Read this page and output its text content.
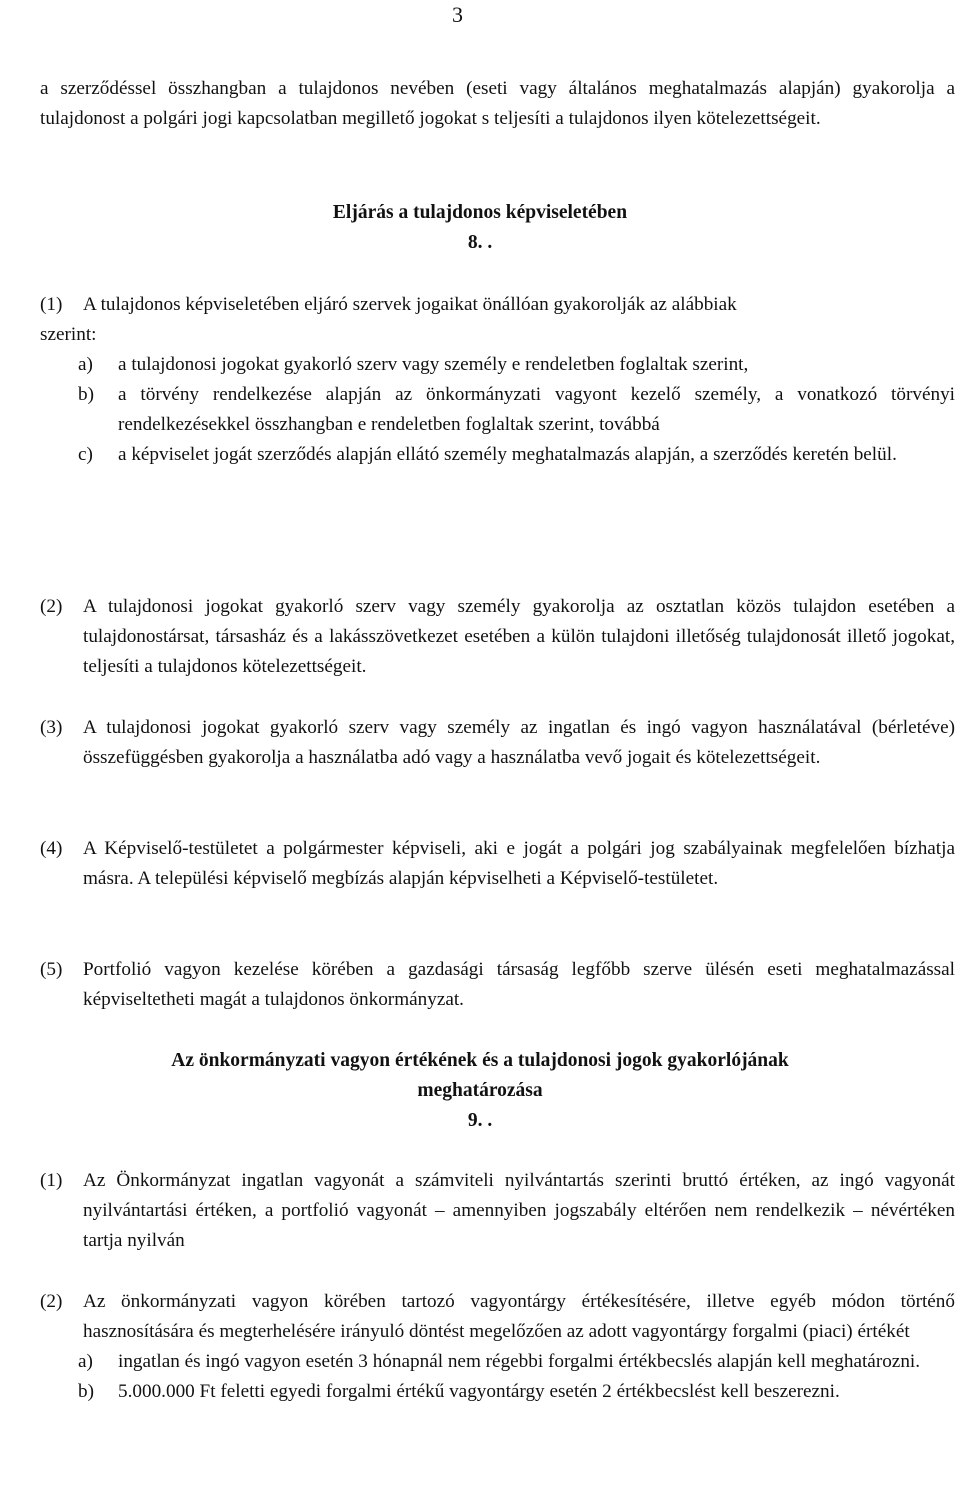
3

a szerződéssel összhangban a tulajdonos nevében (eseti vagy általános meghatalmazás alapján) gyakorolja a tulajdonost a polgári jogi kapcsolatban megillető jogokat s teljesíti a tulajdonos ilyen kötelezettségeit.

Eljárás a tulajdonos képviseletében
8. .
(1)	A tulajdonos képviseletében eljáró szervek jogaikat önállóan gyakorolják az alábbiak
szerint:
a)	a tulajdonosi jogokat gyakorló szerv vagy személy e rendeletben foglaltak szerint,
b)	a törvény rendelkezése alapján az önkormányzati vagyont kezelő személy, a vonatkozó törvényi rendelkezésekkel összhangban e rendeletben foglaltak szerint, továbbá
c)	a képviselet jogát szerződés alapján ellátó személy meghatalmazás alapján, a szerződés keretén belül.
(2)	A tulajdonosi jogokat gyakorló szerv vagy személy gyakorolja az osztatlan közös tulajdon esetében a tulajdonostársat, társasház és a lakásszövetkezet esetében a külön tulajdoni illetőség tulajdonosát illető jogokat, teljesíti a tulajdonos kötelezettségeit.
(3)	A tulajdonosi jogokat gyakorló szerv vagy személy az ingatlan és ingó vagyon használatával (bérletéve) összefüggésben gyakorolja a használatba adó vagy a használatba vevő jogait és kötelezettségeit.
(4)	A Képviselő-testületet a polgármester képviseli, aki e jogát a polgári jog szabályainak megfelelően bízhatja másra. A települési képviselő megbízás alapján képviselheti a Képviselő-testületet.
(5)	Portfolió vagyon kezelése körében a gazdasági társaság legfőbb szerve ülésén eseti meghatalmazással képviseltetheti magát a tulajdonos önkormányzat.
Az önkormányzati vagyon értékének és a tulajdonosi jogok gyakorlójának
meghatározása
9. .
(1)	Az Önkormányzat ingatlan vagyonát a számviteli nyilvántartás szerinti bruttó értéken, az ingó vagyonát nyilvántartási értéken, a portfolió vagyonát – amennyiben jogszabály eltérően nem rendelkezik – névértéken tartja nyilván
(2)	Az önkormányzati vagyon körében tartozó vagyontárgy értékesítésére, illetve egyéb módon történő hasznosítására és megterhelésére irányuló döntést megelőzően az adott vagyontárgy forgalmi (piaci) értékét
a)	ingatlan és ingó vagyon esetén 3 hónapnál nem régebbi forgalmi értékbecslés alapján kell meghatározni.
b)	5.000.000 Ft feletti egyedi forgalmi értékű vagyontárgy esetén 2 értékbecslést kell beszerezni.
